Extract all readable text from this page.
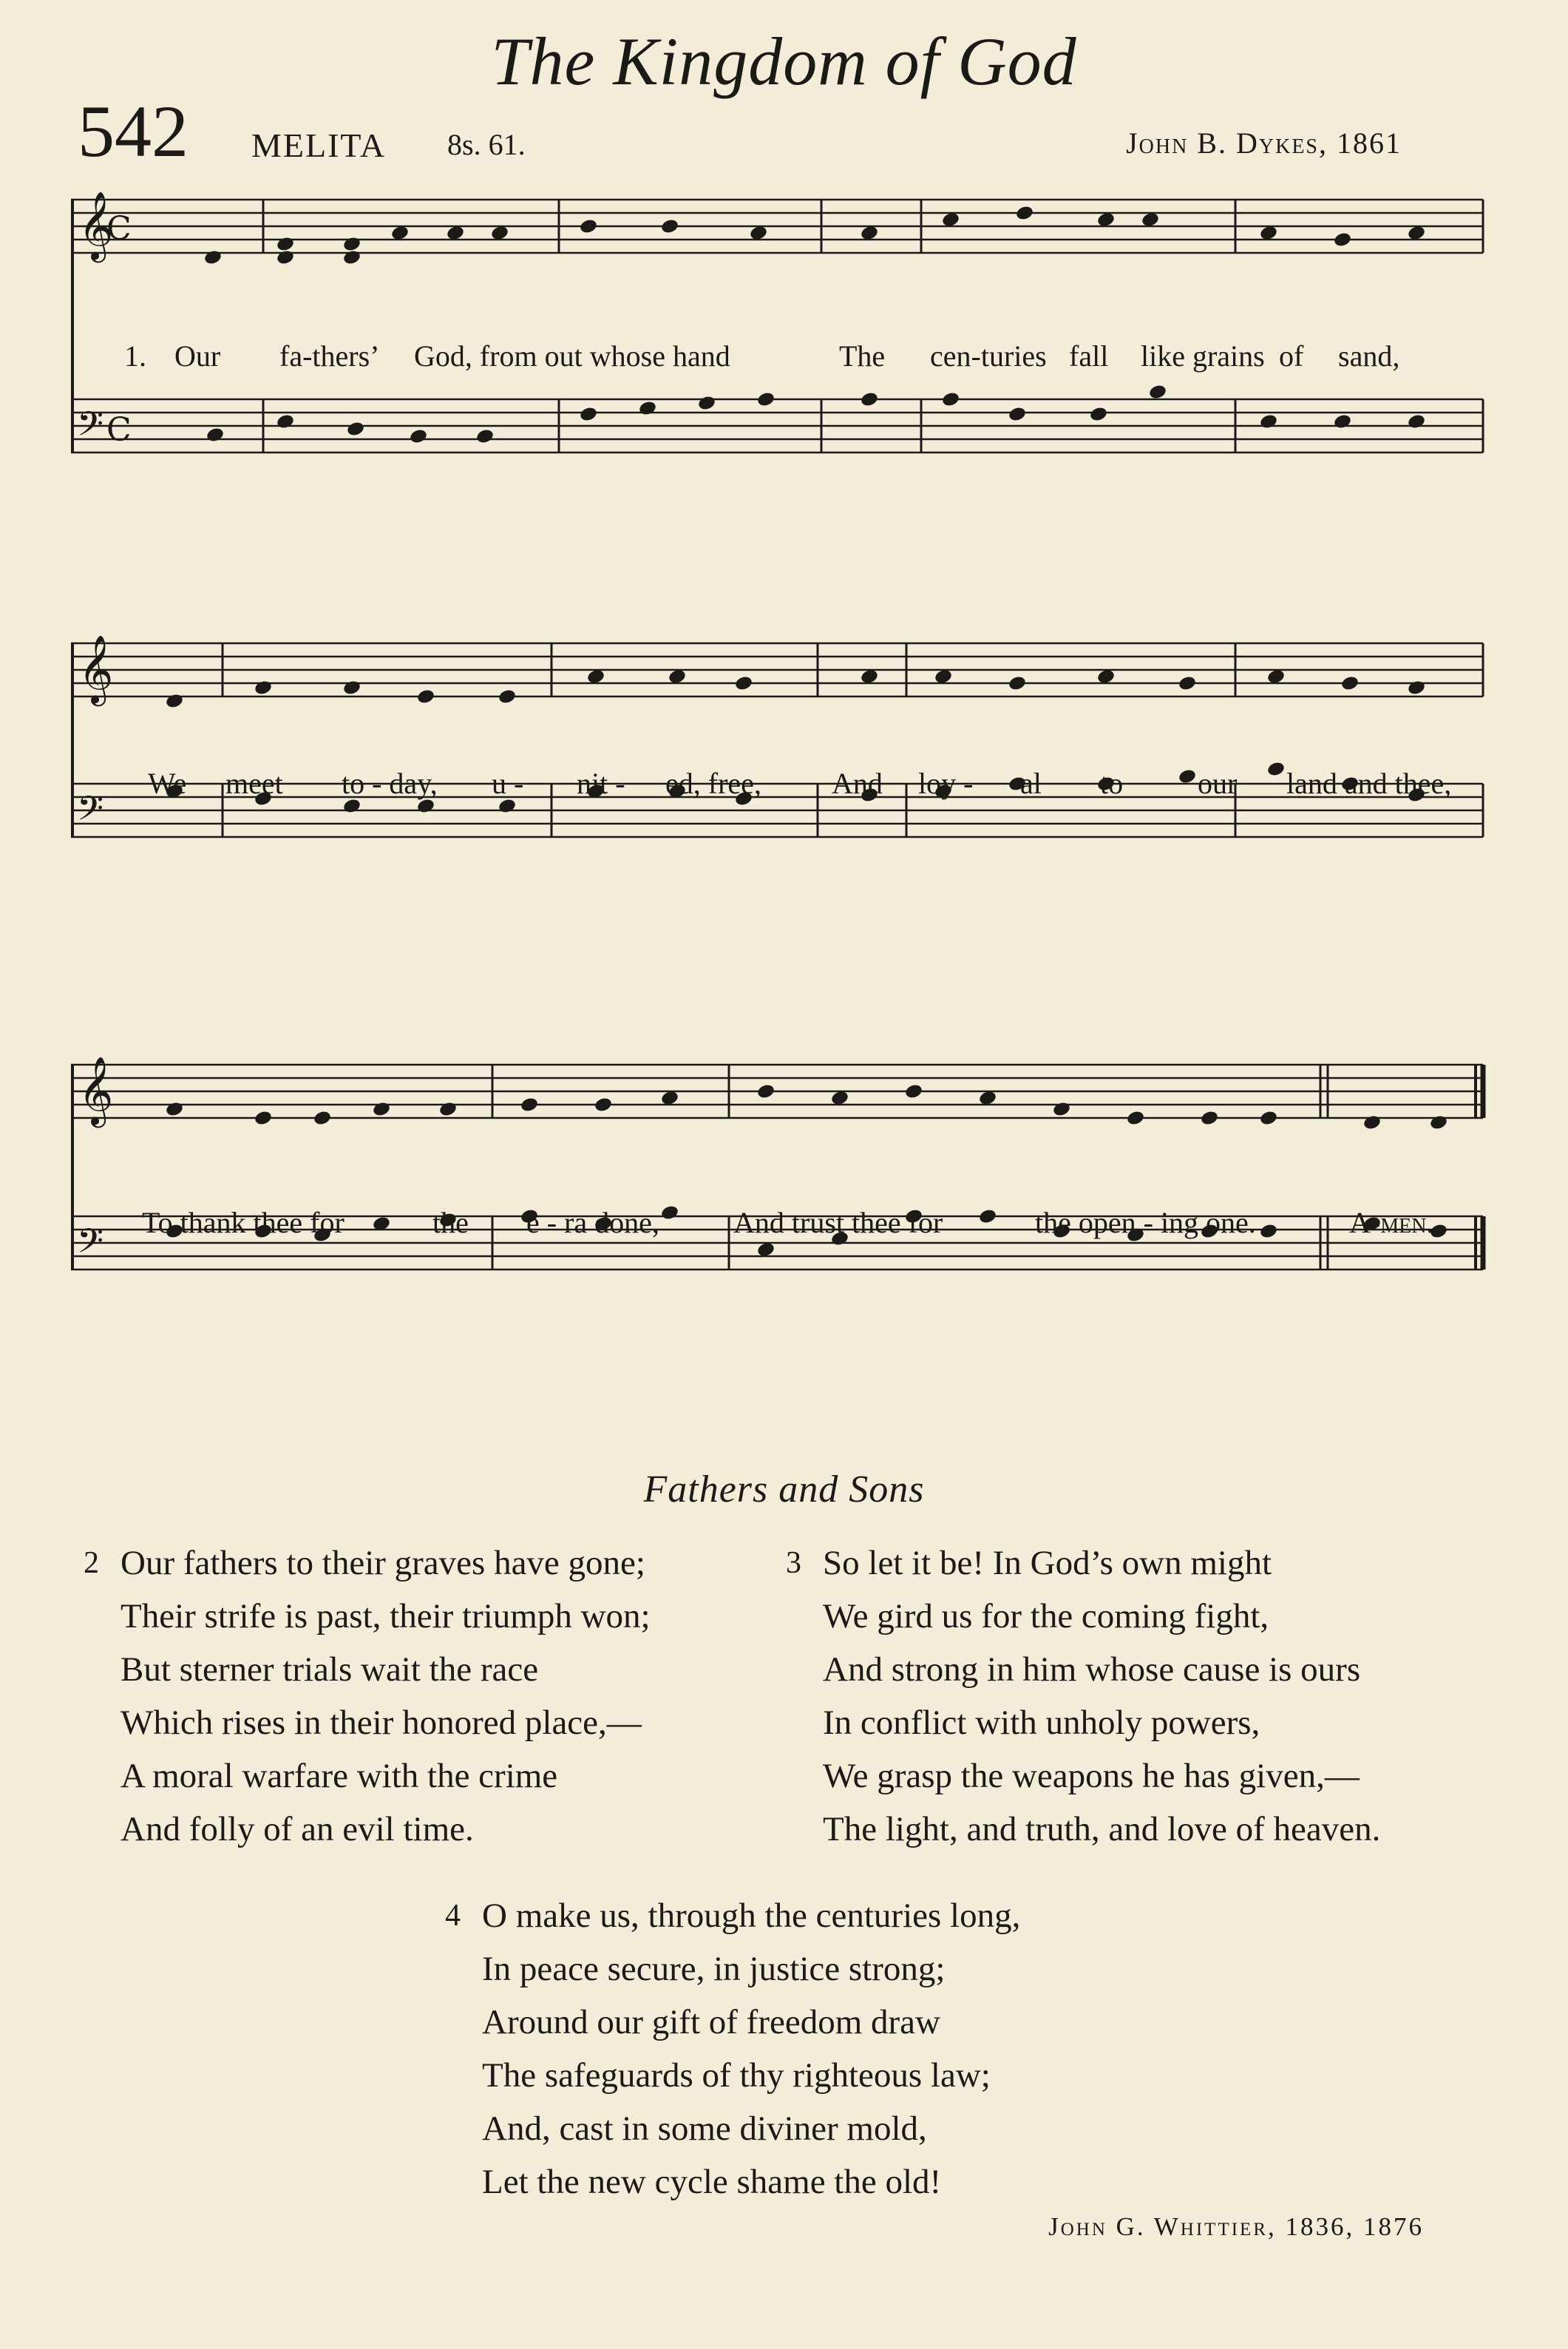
The Kingdom of God
542 MELITA 8s. 61.	John B. Dykes, 1861
𝄞
C
𝄢 C
𝄞
𝄢
𝄞
𝄢
1. Our fa-thers’ God, from out whose hand	The cen-turies fall like grains of sand,
We meet to - day, u - nit - ed, free, And loy - al to	our land and thee,
To thank thee for	the e - ra done,	And trust thee for	the open - ing one.	A-men.
Fathers and Sons
2 Our fathers to their graves have gone;
Their strife is past, their triumph won;
But sterner trials wait the race
Which rises in their honored place,—
A moral warfare with the crime
And folly of an evil time.
3 So let it be! In God’s own might
We gird us for the coming fight,
And strong in him whose cause is ours
In conflict with unholy powers,
We grasp the weapons he has given,—
The light, and truth, and love of heaven.
4 O make us, through the centuries long,
In peace secure, in justice strong;
Around our gift of freedom draw
The safeguards of thy righteous law;
And, cast in some diviner mold,
Let the new cycle shame the old!
John G. Whittier, 1836, 1876
